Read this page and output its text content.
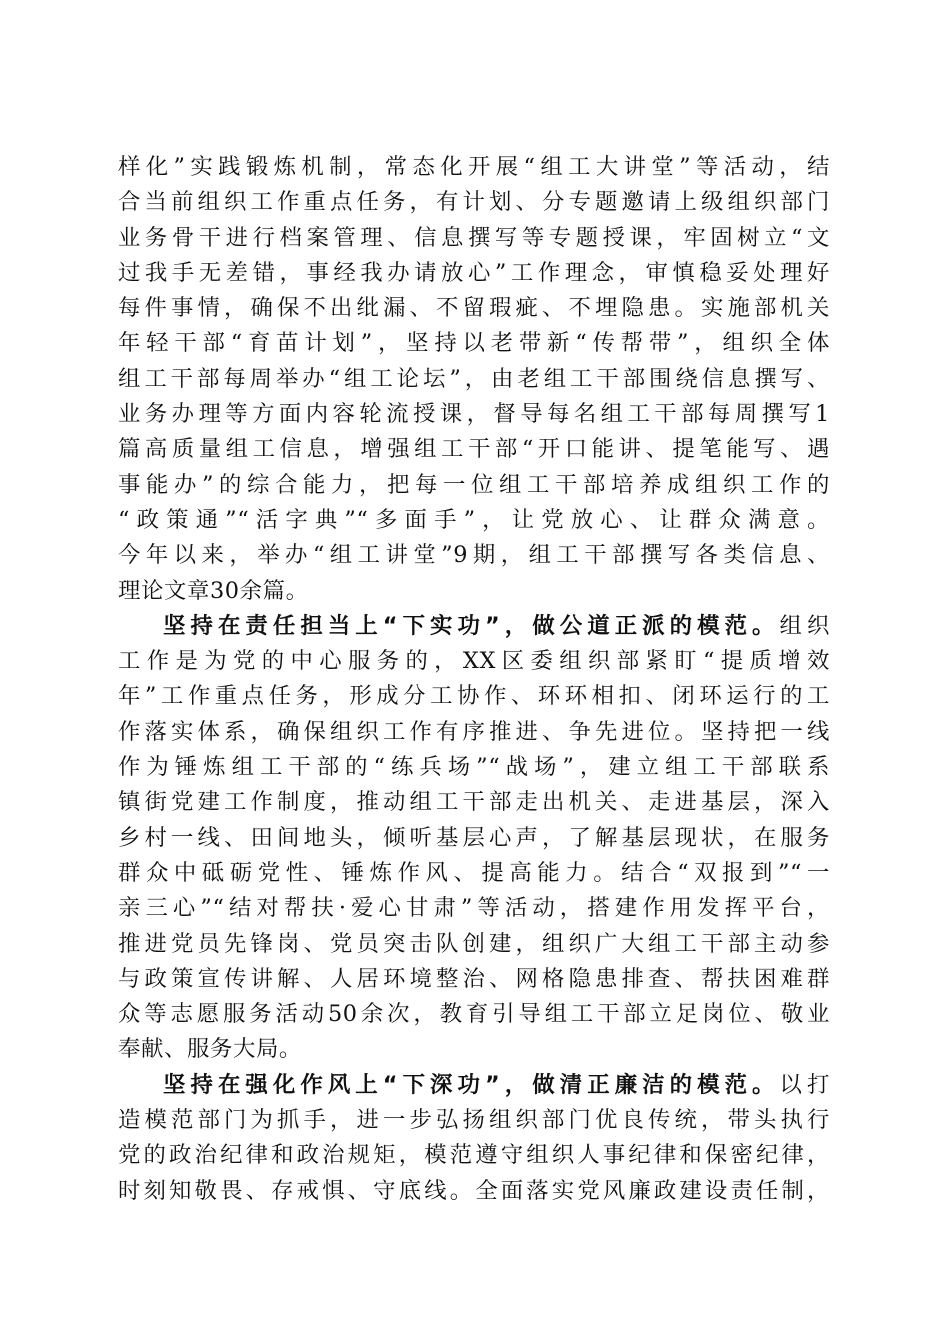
样化”实践锻炼机制，常态化开展“组工大讲堂”等活动，结
合当前组织工作重点任务，有计划、分专题邀请上级组织部门
业务骨干进行档案管理、信息撰写等专题授课，牢固树立“文
过我手无差错，事经我办请放心”工作理念，审慎稳妥处理好
每件事情，确保不出纰漏、不留瑕疵、不埋隐患。实施部机关
年轻干部“育苗计划”，坚持以老带新“传帮带”，组织全体
组工干部每周举办“组工论坛”，由老组工干部围绕信息撰写、
业务办理等方面内容轮流授课，督导每名组工干部每周撰写1
篇高质量组工信息，增强组工干部“开口能讲、提笔能写、遇
事能办”的综合能力，把每一位组工干部培养成组织工作的
“政策通”“活字典”“多面手”，让党放心、让群众满意。
今年以来，举办“组工讲堂”9期，组工干部撰写各类信息、
理论文章30余篇。
坚持在责任担当上“下实功”，做公道正派的模范。组织
工作是为党的中心服务的，XX区委组织部紧盯“提质增效
年”工作重点任务，形成分工协作、环环相扣、闭环运行的工
作落实体系，确保组织工作有序推进、争先进位。坚持把一线
作为锤炼组工干部的“练兵场”“战场”，建立组工干部联系
镇街党建工作制度，推动组工干部走出机关、走进基层，深入
乡村一线、田间地头，倾听基层心声，了解基层现状，在服务
群众中砥砺党性、锤炼作风、提高能力。结合“双报到”“一
亲三心”“结对帮扶·爱心甘肃”等活动，搭建作用发挥平台，
推进党员先锋岗、党员突击队创建，组织广大组工干部主动参
与政策宣传讲解、人居环境整治、网格隐患排查、帮扶困难群
众等志愿服务活动50余次，教育引导组工干部立足岗位、敬业
奉献、服务大局。
坚持在强化作风上“下深功”，做清正廉洁的模范。以打
造模范部门为抓手，进一步弘扬组织部门优良传统，带头执行
党的政治纪律和政治规矩，模范遵守组织人事纪律和保密纪律，
时刻知敬畏、存戒惧、守底线。全面落实党风廉政建设责任制，
